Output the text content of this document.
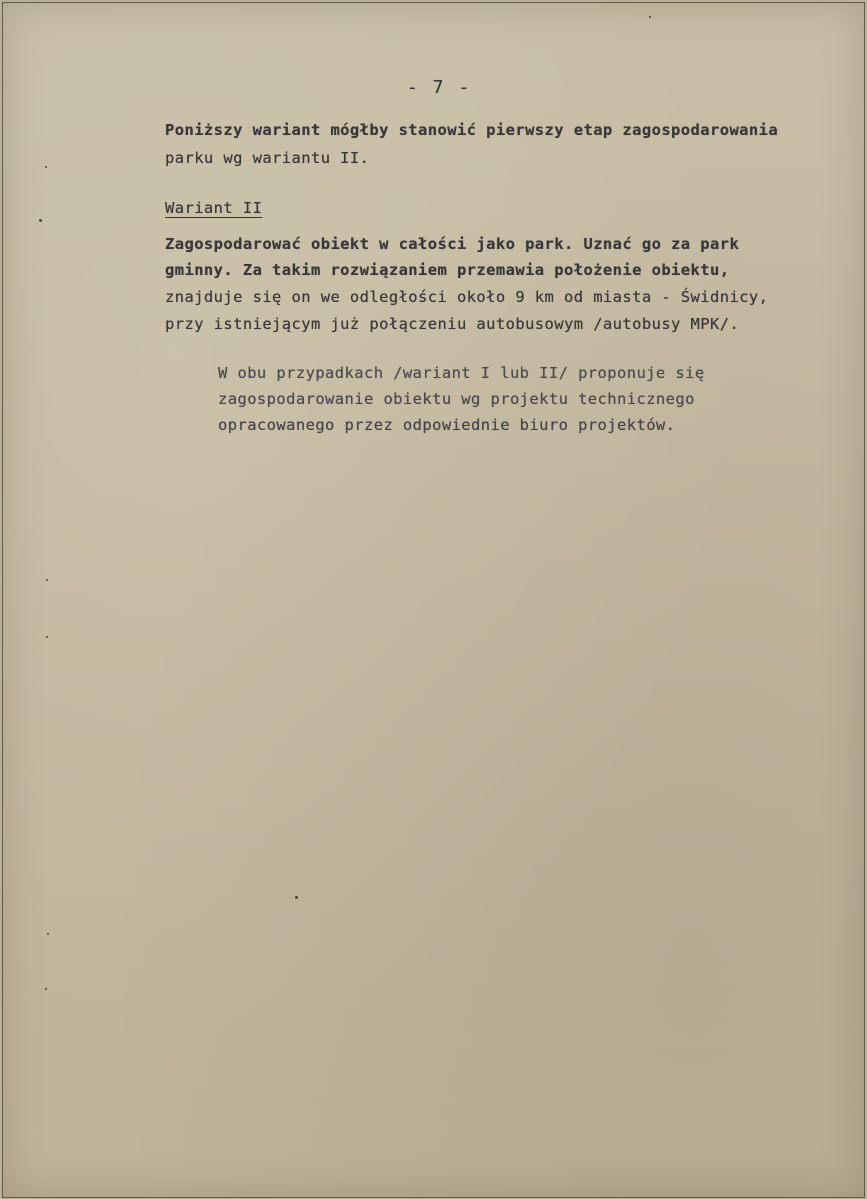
- 7 -
Poniższy wariant mógłby stanowić pierwszy etap zagospodarowania
parku wg wariantu II.
Wariant II
Zagospodarować obiekt w całości jako park. Uznać go za park
gminny. Za takim rozwiązaniem przemawia położenie obiektu,
znajduje się on we odległości około 9 km od miasta - Świdnicy,
przy istniejącym już połączeniu autobusowym /autobusy MPK/.
W obu przypadkach /wariant I lub II/ proponuje się
zagospodarowanie obiektu wg projektu technicznego
opracowanego przez odpowiednie biuro projektów.
